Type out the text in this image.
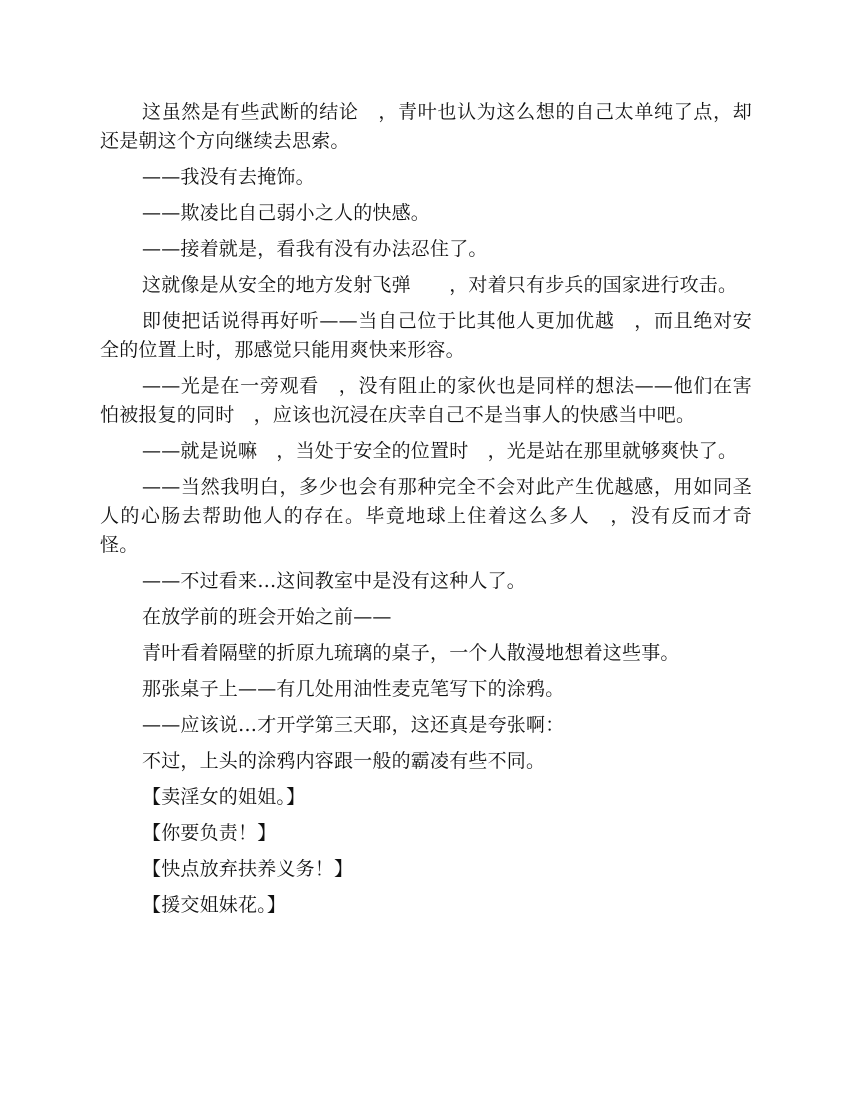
这虽然是有些武断的结论　，青叶也认为这么想的自己太单纯了点，却还是朝这个方向继续去思索。

——我没有去掩饰。

——欺凌比自己弱小之人的快感。

——接着就是，看我有没有办法忍住了。

这就像是从安全的地方发射飞弹　　，对着只有步兵的国家进行攻击。

即使把话说得再好听——当自己位于比其他人更加优越　，而且绝对安全的位置上时，那感觉只能用爽快来形容。

——光是在一旁观看　，没有阻止的家伙也是同样的想法——他们在害怕被报复的同时　，应该也沉浸在庆幸自己不是当事人的快感当中吧。

——就是说嘛　，当处于安全的位置时　，光是站在那里就够爽快了。

——当然我明白，多少也会有那种完全不会对此产生优越感，用如同圣人的心肠去帮助他人的存在。毕竟地球上住着这么多人　，没有反而才奇怪。

——不过看来…这间教室中是没有这种人了。

在放学前的班会开始之前——

青叶看着隔壁的折原九琉璃的桌子，一个人散漫地想着这些事。

那张桌子上——有几处用油性麦克笔写下的涂鸦。

——应该说…才开学第三天耶，这还真是夸张啊：

不过，上头的涂鸦内容跟一般的霸凌有些不同。

【卖淫女的姐姐。】

【你要负责！】

【快点放弃扶养义务！】

【援交姐妹花。】
